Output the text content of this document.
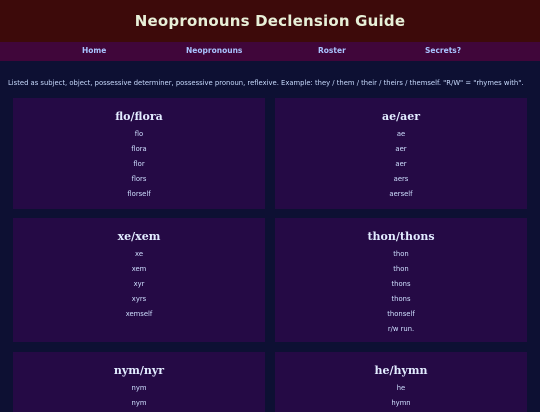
Neopronouns Declension Guide
Home	Neopronouns	Roster	Secrets?
Listed as subject, object, possessive determiner, possessive pronoun, reflexive. Example: they / them / their / theirs / themself. "R/W" = "rhymes with".
flo/flora
flo
flora
flor
flors
florself
ae/aer
ae
aer
aer
aers
aerself
xe/xem
xe
xem
xyr
xyrs
xemself
thon/thons
thon
thon
thons
thons
thonself
r/w run.
nym/nyr
nym
nym
he/hymn
he
hymn
